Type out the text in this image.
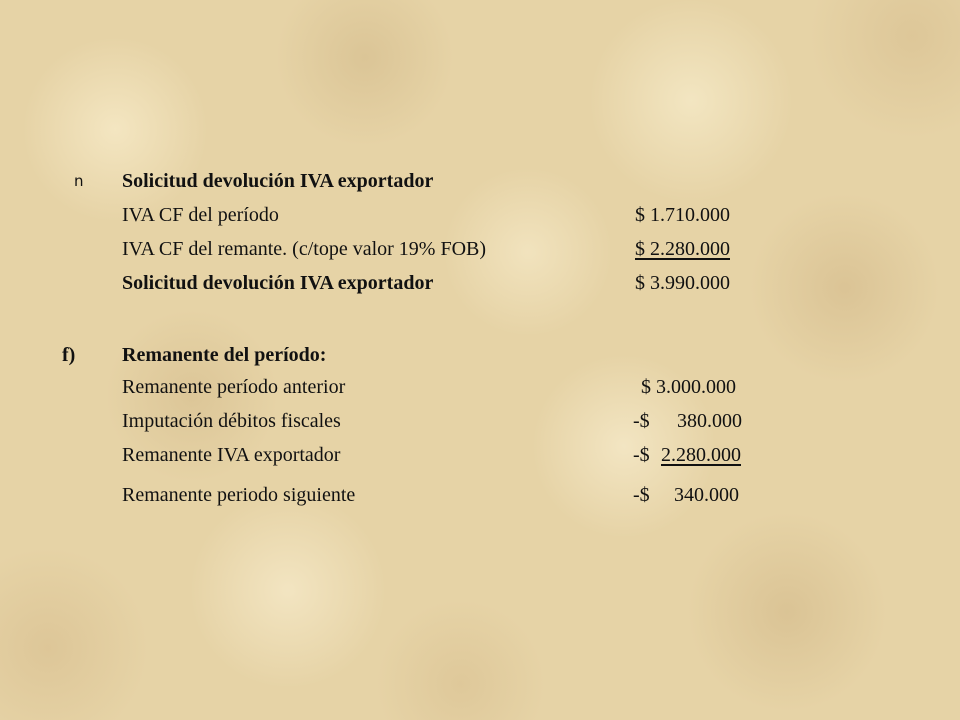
n Solicitud devolución IVA exportador
IVA CF del período	$ 1.710.000
IVA CF del remante. (c/tope valor 19% FOB)	$ 2.280.000
Solicitud devolución IVA exportador	$ 3.990.000
f) Remanente del período:
Remanente período anterior	$ 3.000.000
Imputación débitos fiscales	-$ 380.000
Remanente IVA exportador	-$ 2.280.000
Remanente periodo siguiente	-$ 340.000
